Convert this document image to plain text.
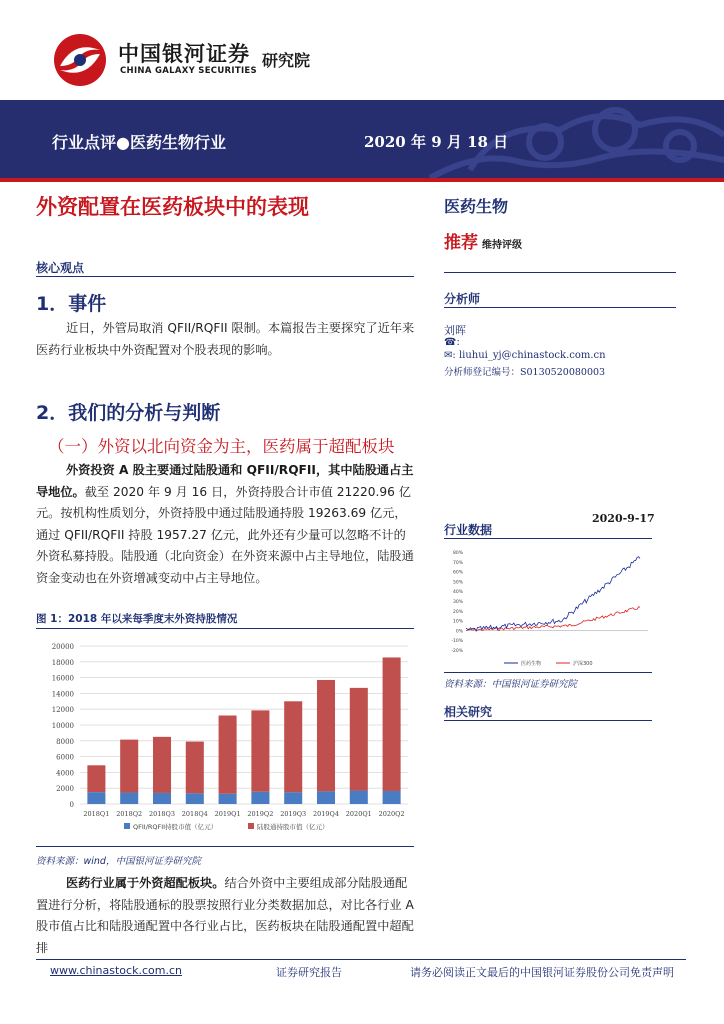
中国银河证券
CHINA GALAXY SECURITIES
研究院
行业点评●医药生物行业	2020 年 9 月 18 日
外资配置在医药板块中的表现	医药生物
推荐 维持评级
核心观点
1．事件
近日，外管局取消 QFII/RQFII 限制。本篇报告主要探究了近年来医药行业板块中外资配置对个股表现的影响。
2．我们的分析与判断
（一）外资以北向资金为主，医药属于超配板块
外资投资 A 股主要通过陆股通和 QFII/RQFII，其中陆股通占主导地位。截至 2020 年 9 月 16 日，外资持股合计市值 21220.96 亿元。按机构性质划分，外资持股中通过陆股通持股 19263.69 亿元，通过 QFII/RQFII 持股 1957.27 亿元，此外还有少量可以忽略不计的外资私募持股。陆股通（北向资金）在外资来源中占主导地位，陆股通资金变动也在外资增减变动中占主导地位。
图 1：2018 年以来每季度末外资持股情况
0
2000
4000
6000
8000
10000
12000
14000
16000
18000
20000
2018Q1 2018Q2 2018Q3 2018Q4 2019Q1 2019Q2 2019Q3 2019Q4 2020Q1 2020Q2
QFII/RQFII持股市值（亿元）	陆股通持股市值（亿元）
资料来源：wind，中国银河证券研究院
医药行业属于外资超配板块。结合外资中主要组成部分陆股通配置进行分析，将陆股通标的股票按照行业分类数据加总，对比各行业 A 股市值占比和陆股通配置中各行业占比，医药板块在陆股通配置中超配排
分析师
刘晖
☎:
✉: liuhui_yj@chinastock.com.cn
分析师登记编号：S0130520080003
2020-9-17
行业数据
80%
70%
60%
50%
40%
30%
20%
10%
0%
-10%
-20%
医药生物	沪深300
资料来源：中国银河证券研究院
相关研究
www.chinastock.com.cn	证券研究报告	请务必阅读正文最后的中国银河证券股份公司免责声明
